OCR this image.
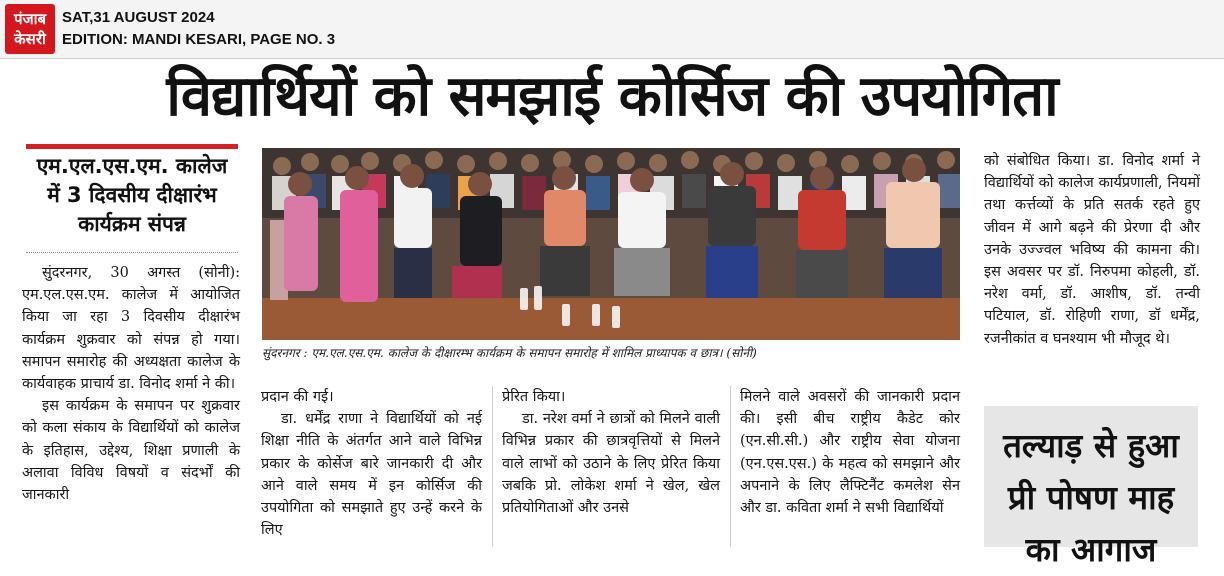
पंजाब
केसरी
SAT,31 AUGUST 2024
EDITION: MANDI KESARI, PAGE NO. 3
विद्यार्थियों को समझाई कोर्सिज की उपयोगिता
एम.एल.एस.एम. कालेज
में 3 दिवसीय दीक्षारंभ
कार्यक्रम संपन्न

सुंदरनगर, 30 अगस्त (सोनी): एम.एल.एस.एम. कालेज में आयोजित किया जा रहा 3 दिवसीय दीक्षारंभ कार्यक्रम शुक्रवार को संपन्न हो गया। समापन समारोह की अध्यक्षता कालेज के कार्यवाहक प्राचार्य डा. विनोद शर्मा ने की।

इस कार्यक्रम के समापन पर शुक्रवार को कला संकाय के विद्यार्थियों को कालेज के इतिहास, उद्देश्य, शिक्षा प्रणाली के अलावा विविध विषयों व संदर्भों की जानकारी

सुंदरनगर : एम.एल.एस.एम. कालेज के दीक्षारम्भ कार्यक्रम के समापन समारोह में शामिल प्राध्यापक व छात्र। (सोनी)

प्रदान की गई।

डा. धर्मेंद्र राणा ने विद्यार्थियों को नई शिक्षा नीति के अंतर्गत आने वाले विभिन्न प्रकार के कोर्सेज बारे जानकारी दी और आने वाले समय में इन कोर्सिज की उपयोगिता को समझाते हुए उन्हें करने के लिए

प्रेरित किया।

डा. नरेश वर्मा ने छात्रों को मिलने वाली विभिन्न प्रकार की छात्रवृत्तियों से मिलने वाले लाभों को उठाने के लिए प्रेरित किया जबकि प्रो. लोकेश शर्मा ने खेल, खेल प्रतियोगिताओं और उनसे

मिलने वाले अवसरों की जानकारी प्रदान की। इसी बीच राष्ट्रीय कैडेट कोर (एन.सी.सी.) और राष्ट्रीय सेवा योजना (एन.एस.एस.) के महत्व को समझाने और अपनाने के लिए लैफ्टिनैंट कमलेश सेन और डा. कविता शर्मा ने सभी विद्यार्थियों

को संबोधित किया। डा. विनोद शर्मा ने विद्यार्थियों को कालेज कार्यप्रणाली, नियमों तथा कर्त्तव्यों के प्रति सतर्क रहते हुए जीवन में आगे बढ़ने की प्रेरणा दी और उनके उज्ज्वल भविष्य की कामना की। इस अवसर पर डॉ. निरुपमा कोहली, डॉ. नरेश वर्मा, डॉ. आशीष, डॉ. तन्वी पटियाल, डॉ. रोहिणी राणा, डॉ धर्मेंद्र, रजनीकांत व घनश्याम भी मौजूद थे।

तल्याड़ से हुआ
प्री पोषण माह
का आगाज
